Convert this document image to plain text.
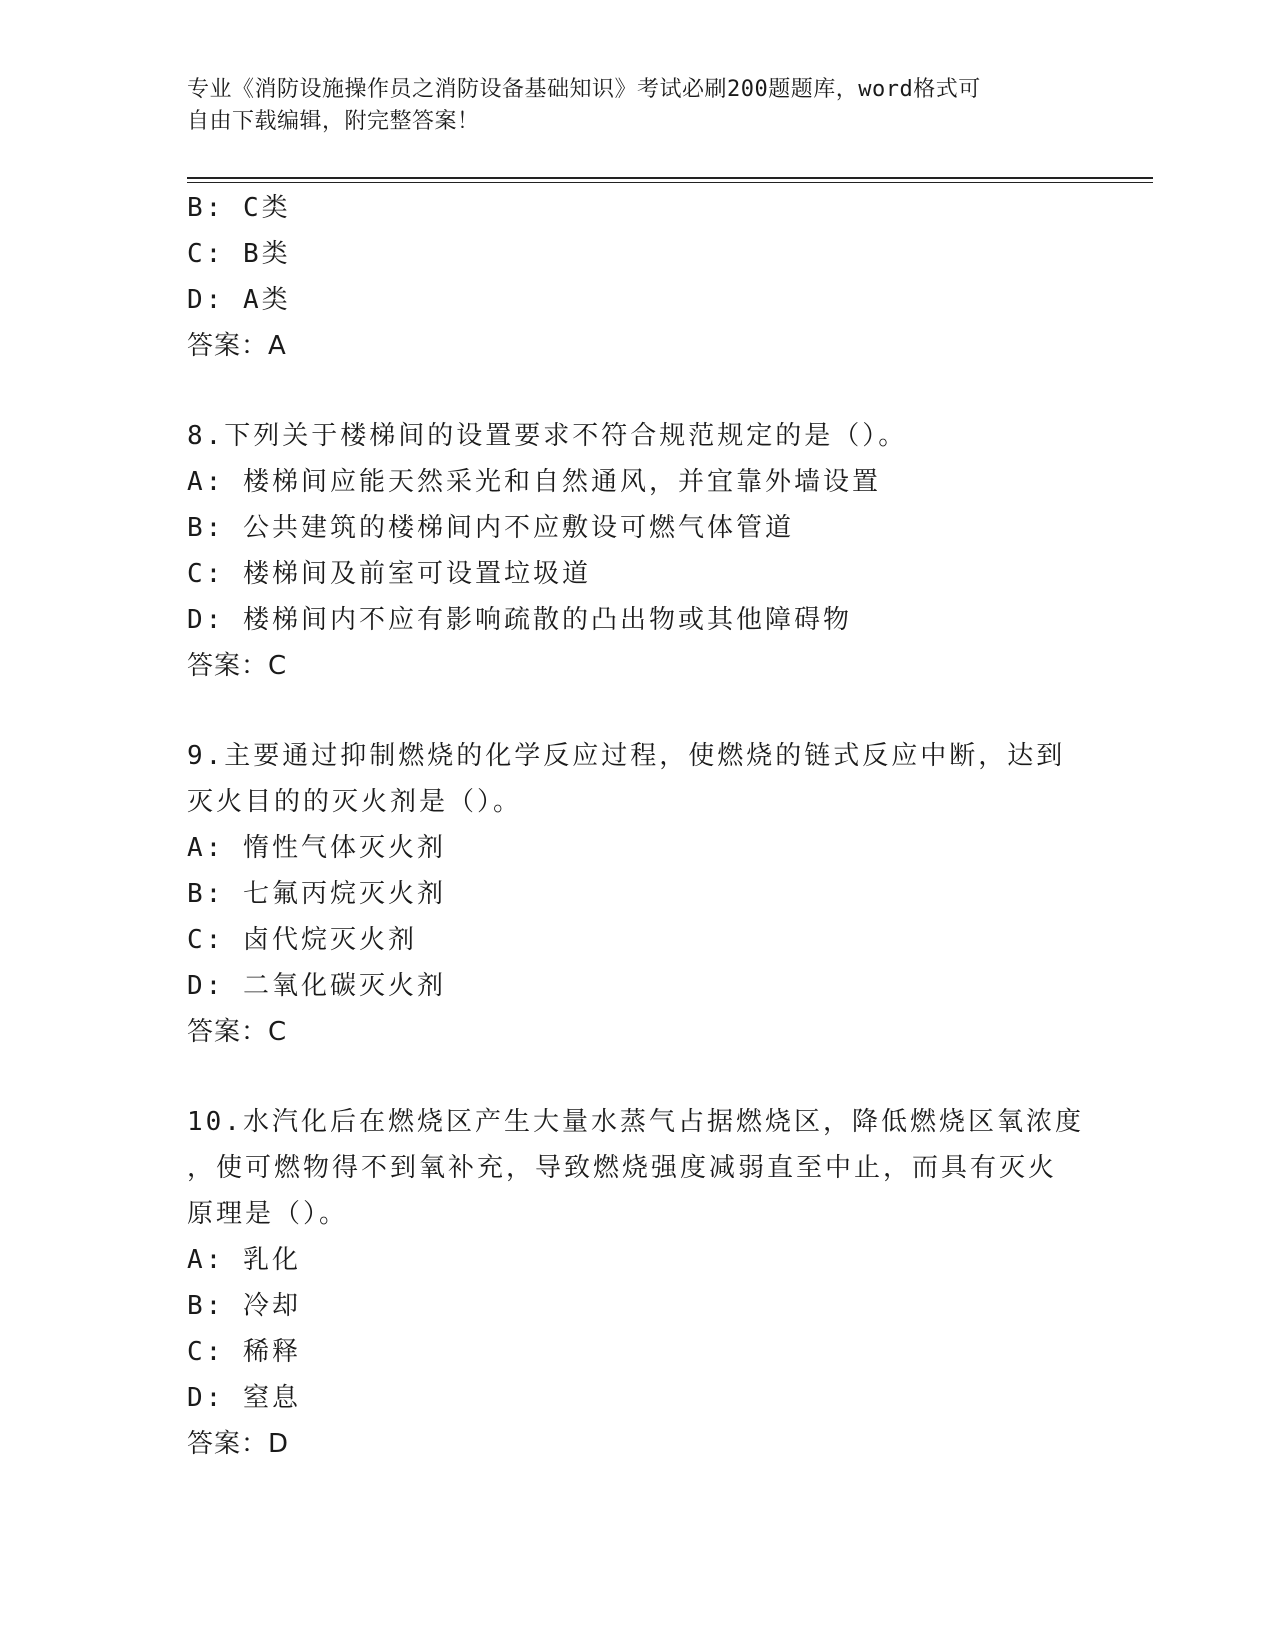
专业《消防设施操作员之消防设备基础知识》考试必刷200题题库，word格式可
自由下载编辑，附完整答案！
B: C类
C: B类
D: A类
答案：A
8.下列关于楼梯间的设置要求不符合规范规定的是（）。
A: 楼梯间应能天然采光和自然通风，并宜靠外墙设置
B: 公共建筑的楼梯间内不应敷设可燃气体管道
C: 楼梯间及前室可设置垃圾道
D: 楼梯间内不应有影响疏散的凸出物或其他障碍物
答案：C
9.主要通过抑制燃烧的化学反应过程，使燃烧的链式反应中断，达到
灭火目的的灭火剂是（）。
A: 惰性气体灭火剂
B: 七氟丙烷灭火剂
C: 卤代烷灭火剂
D: 二氧化碳灭火剂
答案：C
10.水汽化后在燃烧区产生大量水蒸气占据燃烧区，降低燃烧区氧浓度
，使可燃物得不到氧补充，导致燃烧强度减弱直至中止，而具有灭火
原理是（）。
A: 乳化
B: 冷却
C: 稀释
D: 窒息
答案：D
